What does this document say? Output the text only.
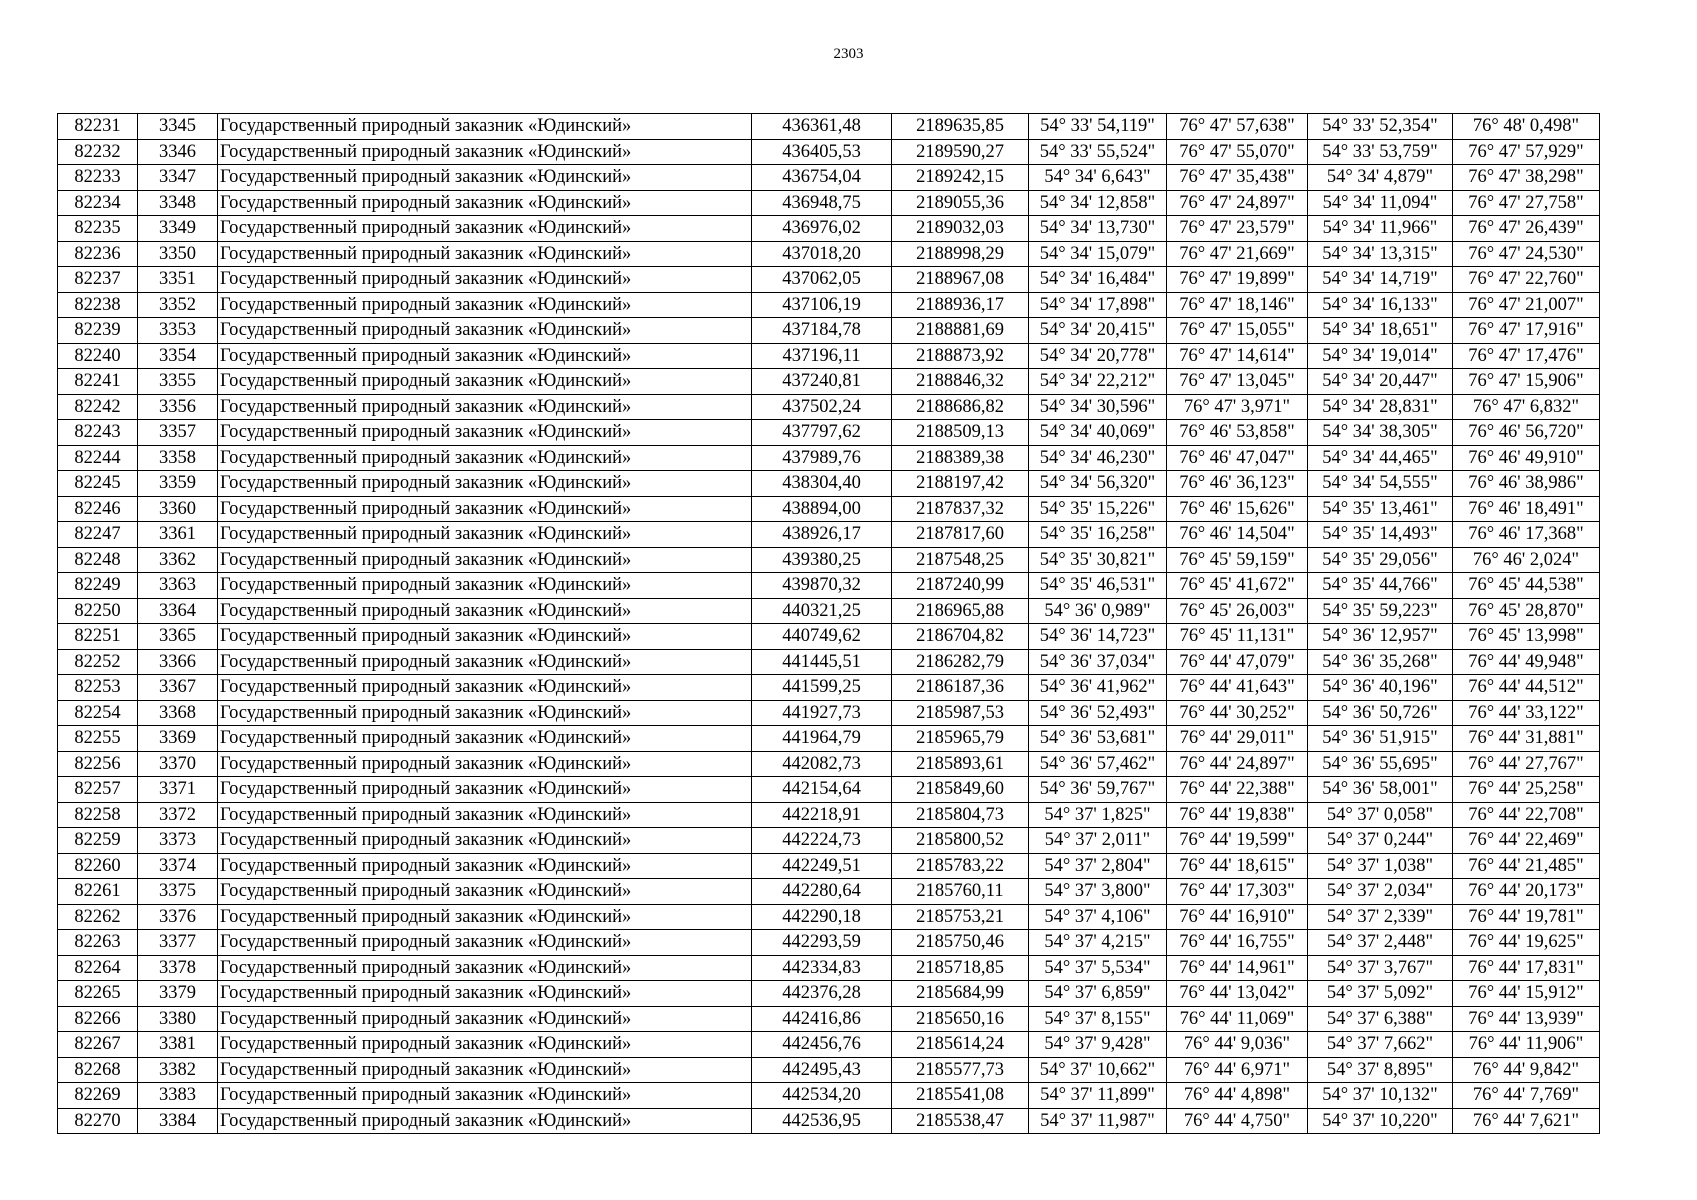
2303
82231	3345	Государственный природный заказник «Юдинский»	436361,48	2189635,85	54° 33' 54,119"	76° 47' 57,638"	54° 33' 52,354"	76° 48' 0,498"
82232	3346	Государственный природный заказник «Юдинский»	436405,53	2189590,27	54° 33' 55,524"	76° 47' 55,070"	54° 33' 53,759"	76° 47' 57,929"
82233	3347	Государственный природный заказник «Юдинский»	436754,04	2189242,15	54° 34' 6,643"	76° 47' 35,438"	54° 34' 4,879"	76° 47' 38,298"
82234	3348	Государственный природный заказник «Юдинский»	436948,75	2189055,36	54° 34' 12,858"	76° 47' 24,897"	54° 34' 11,094"	76° 47' 27,758"
82235	3349	Государственный природный заказник «Юдинский»	436976,02	2189032,03	54° 34' 13,730"	76° 47' 23,579"	54° 34' 11,966"	76° 47' 26,439"
82236	3350	Государственный природный заказник «Юдинский»	437018,20	2188998,29	54° 34' 15,079"	76° 47' 21,669"	54° 34' 13,315"	76° 47' 24,530"
82237	3351	Государственный природный заказник «Юдинский»	437062,05	2188967,08	54° 34' 16,484"	76° 47' 19,899"	54° 34' 14,719"	76° 47' 22,760"
82238	3352	Государственный природный заказник «Юдинский»	437106,19	2188936,17	54° 34' 17,898"	76° 47' 18,146"	54° 34' 16,133"	76° 47' 21,007"
82239	3353	Государственный природный заказник «Юдинский»	437184,78	2188881,69	54° 34' 20,415"	76° 47' 15,055"	54° 34' 18,651"	76° 47' 17,916"
82240	3354	Государственный природный заказник «Юдинский»	437196,11	2188873,92	54° 34' 20,778"	76° 47' 14,614"	54° 34' 19,014"	76° 47' 17,476"
82241	3355	Государственный природный заказник «Юдинский»	437240,81	2188846,32	54° 34' 22,212"	76° 47' 13,045"	54° 34' 20,447"	76° 47' 15,906"
82242	3356	Государственный природный заказник «Юдинский»	437502,24	2188686,82	54° 34' 30,596"	76° 47' 3,971"	54° 34' 28,831"	76° 47' 6,832"
82243	3357	Государственный природный заказник «Юдинский»	437797,62	2188509,13	54° 34' 40,069"	76° 46' 53,858"	54° 34' 38,305"	76° 46' 56,720"
82244	3358	Государственный природный заказник «Юдинский»	437989,76	2188389,38	54° 34' 46,230"	76° 46' 47,047"	54° 34' 44,465"	76° 46' 49,910"
82245	3359	Государственный природный заказник «Юдинский»	438304,40	2188197,42	54° 34' 56,320"	76° 46' 36,123"	54° 34' 54,555"	76° 46' 38,986"
82246	3360	Государственный природный заказник «Юдинский»	438894,00	2187837,32	54° 35' 15,226"	76° 46' 15,626"	54° 35' 13,461"	76° 46' 18,491"
82247	3361	Государственный природный заказник «Юдинский»	438926,17	2187817,60	54° 35' 16,258"	76° 46' 14,504"	54° 35' 14,493"	76° 46' 17,368"
82248	3362	Государственный природный заказник «Юдинский»	439380,25	2187548,25	54° 35' 30,821"	76° 45' 59,159"	54° 35' 29,056"	76° 46' 2,024"
82249	3363	Государственный природный заказник «Юдинский»	439870,32	2187240,99	54° 35' 46,531"	76° 45' 41,672"	54° 35' 44,766"	76° 45' 44,538"
82250	3364	Государственный природный заказник «Юдинский»	440321,25	2186965,88	54° 36' 0,989"	76° 45' 26,003"	54° 35' 59,223"	76° 45' 28,870"
82251	3365	Государственный природный заказник «Юдинский»	440749,62	2186704,82	54° 36' 14,723"	76° 45' 11,131"	54° 36' 12,957"	76° 45' 13,998"
82252	3366	Государственный природный заказник «Юдинский»	441445,51	2186282,79	54° 36' 37,034"	76° 44' 47,079"	54° 36' 35,268"	76° 44' 49,948"
82253	3367	Государственный природный заказник «Юдинский»	441599,25	2186187,36	54° 36' 41,962"	76° 44' 41,643"	54° 36' 40,196"	76° 44' 44,512"
82254	3368	Государственный природный заказник «Юдинский»	441927,73	2185987,53	54° 36' 52,493"	76° 44' 30,252"	54° 36' 50,726"	76° 44' 33,122"
82255	3369	Государственный природный заказник «Юдинский»	441964,79	2185965,79	54° 36' 53,681"	76° 44' 29,011"	54° 36' 51,915"	76° 44' 31,881"
82256	3370	Государственный природный заказник «Юдинский»	442082,73	2185893,61	54° 36' 57,462"	76° 44' 24,897"	54° 36' 55,695"	76° 44' 27,767"
82257	3371	Государственный природный заказник «Юдинский»	442154,64	2185849,60	54° 36' 59,767"	76° 44' 22,388"	54° 36' 58,001"	76° 44' 25,258"
82258	3372	Государственный природный заказник «Юдинский»	442218,91	2185804,73	54° 37' 1,825"	76° 44' 19,838"	54° 37' 0,058"	76° 44' 22,708"
82259	3373	Государственный природный заказник «Юдинский»	442224,73	2185800,52	54° 37' 2,011"	76° 44' 19,599"	54° 37' 0,244"	76° 44' 22,469"
82260	3374	Государственный природный заказник «Юдинский»	442249,51	2185783,22	54° 37' 2,804"	76° 44' 18,615"	54° 37' 1,038"	76° 44' 21,485"
82261	3375	Государственный природный заказник «Юдинский»	442280,64	2185760,11	54° 37' 3,800"	76° 44' 17,303"	54° 37' 2,034"	76° 44' 20,173"
82262	3376	Государственный природный заказник «Юдинский»	442290,18	2185753,21	54° 37' 4,106"	76° 44' 16,910"	54° 37' 2,339"	76° 44' 19,781"
82263	3377	Государственный природный заказник «Юдинский»	442293,59	2185750,46	54° 37' 4,215"	76° 44' 16,755"	54° 37' 2,448"	76° 44' 19,625"
82264	3378	Государственный природный заказник «Юдинский»	442334,83	2185718,85	54° 37' 5,534"	76° 44' 14,961"	54° 37' 3,767"	76° 44' 17,831"
82265	3379	Государственный природный заказник «Юдинский»	442376,28	2185684,99	54° 37' 6,859"	76° 44' 13,042"	54° 37' 5,092"	76° 44' 15,912"
82266	3380	Государственный природный заказник «Юдинский»	442416,86	2185650,16	54° 37' 8,155"	76° 44' 11,069"	54° 37' 6,388"	76° 44' 13,939"
82267	3381	Государственный природный заказник «Юдинский»	442456,76	2185614,24	54° 37' 9,428"	76° 44' 9,036"	54° 37' 7,662"	76° 44' 11,906"
82268	3382	Государственный природный заказник «Юдинский»	442495,43	2185577,73	54° 37' 10,662"	76° 44' 6,971"	54° 37' 8,895"	76° 44' 9,842"
82269	3383	Государственный природный заказник «Юдинский»	442534,20	2185541,08	54° 37' 11,899"	76° 44' 4,898"	54° 37' 10,132"	76° 44' 7,769"
82270	3384	Государственный природный заказник «Юдинский»	442536,95	2185538,47	54° 37' 11,987"	76° 44' 4,750"	54° 37' 10,220"	76° 44' 7,621"
